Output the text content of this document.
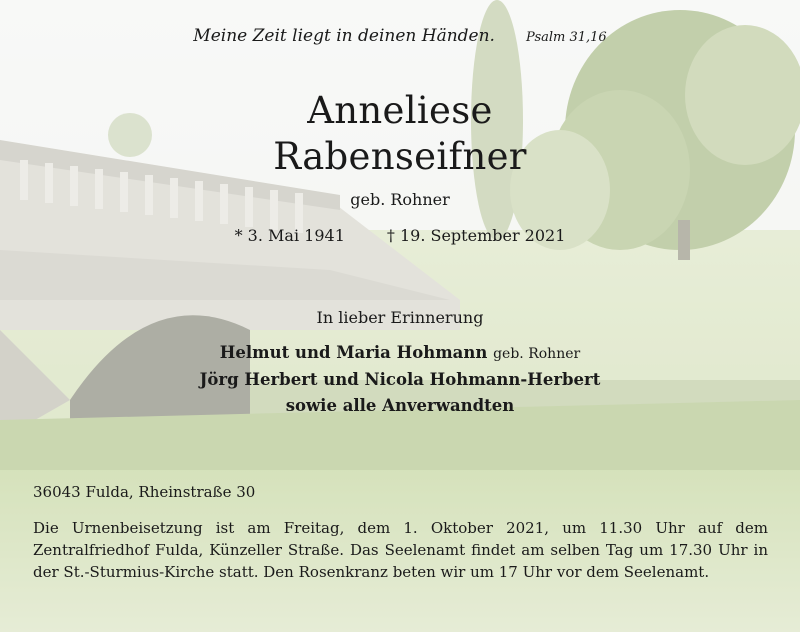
Meine Zeit liegt in deinen Händen. Psalm 31,16
Anneliese
Rabenseifner
geb. Rohner
* 3. Mai 1941	† 19. September 2021
In lieber Erinnerung
Helmut und Maria Hohmann geb. Rohner
Jörg Herbert und Nicola Hohmann-Herbert
sowie alle Anverwandten
36043 Fulda, Rheinstraße 30
Die Urnenbeisetzung ist am Freitag, dem 1. Oktober 2021, um 11.30 Uhr auf dem Zentralfriedhof Fulda, Künzeller Straße. Das Seelenamt findet am selben Tag um 17.30 Uhr in der St.-Sturmius-Kirche statt. Den Rosenkranz beten wir um 17 Uhr vor dem Seelenamt.
